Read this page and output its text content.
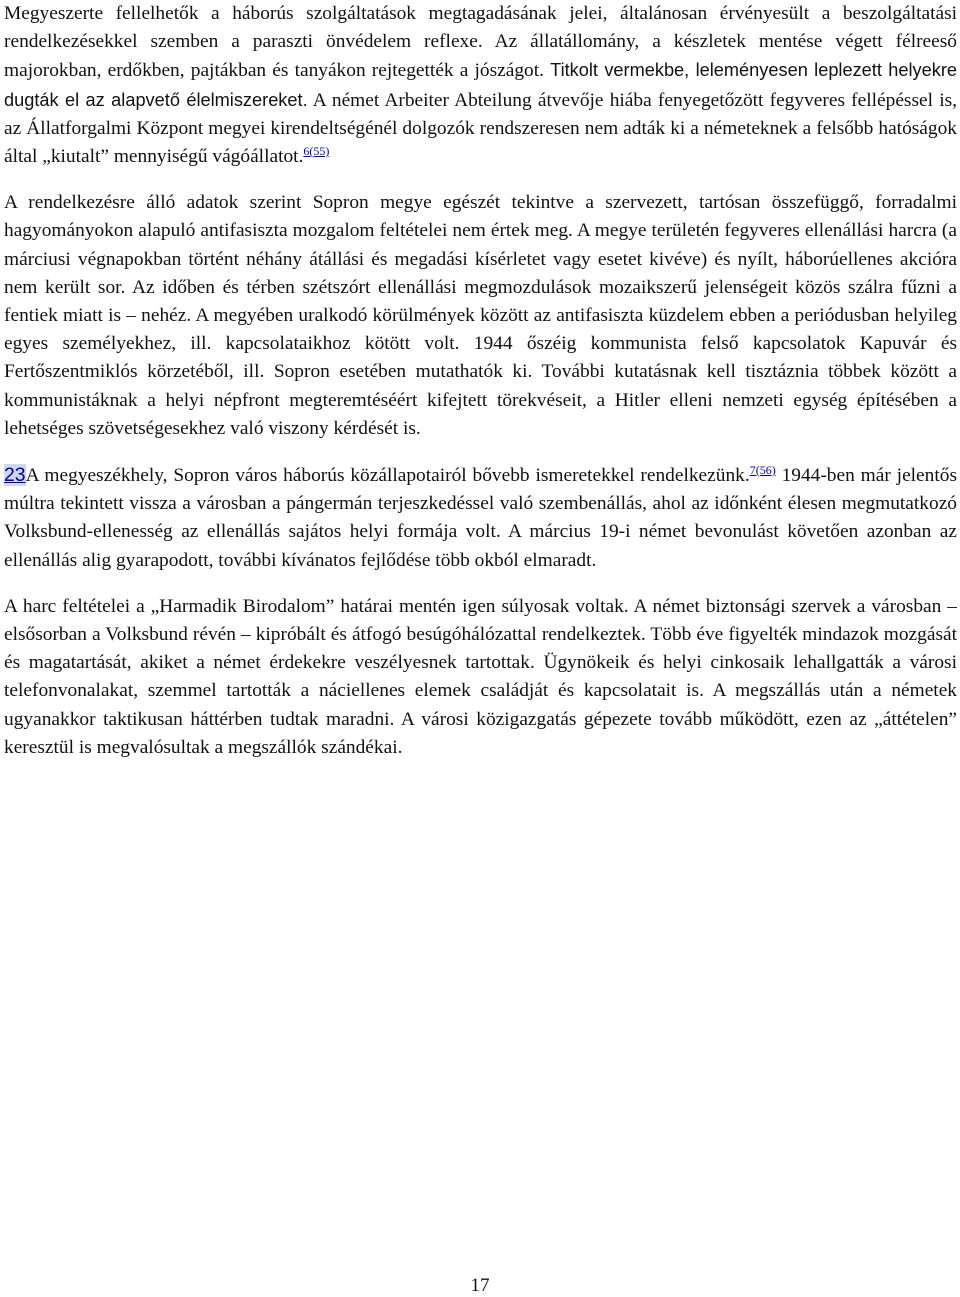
Megyeszerte fellelhetők a háborús szolgáltatások megtagadásának jelei, általánosan érvényesült a beszolgáltatási rendelkezésekkel szemben a paraszti önvédelem reflexe. Az állatállomány, a készletek mentése végett félreeső majorokban, erdőkben, pajtákban és tanyákon rejtegették a jószágot. Titkolt vermekbe, leleményesen leplezett helyekre dugták el az alapvető élelmiszereket. A német Arbeiter Abteilung átvevője hiába fenyegetőzött fegyveres fellépéssel is, az Állatforgalmi Központ megyei kirendeltségénél dolgozók rendszeresen nem adták ki a németeknek a felsőbb hatóságok által „kiutalt” mennyiségű vágóállatot.$^{6(55)}$

A rendelkezésre álló adatok szerint Sopron megye egészét tekintve a szervezett, tartósan összefüggő, forradalmi hagyományokon alapuló antifasiszta mozgalom feltételei nem értek meg. A megye területén fegyveres ellenállási harcra (a márciusi végnapokban történt néhány átállási és megadási kísérletet vagy esetet kivéve) és nyílt, háborúellenes akcióra nem került sor. Az időben és térben szétszórt ellenállási megmozdulások mozaikszerű jelenségeit közös szálra fűzni a fentiek miatt is – nehéz. A megyében uralkodó körülmények között az antifasiszta küzdelem ebben a periódusban helyileg egyes személyekhez, ill. kapcsolataikhoz kötött volt. 1944 őszéig kommunista felső kapcsolatok Kapuvár és Fertőszentmiklós körzetéből, ill. Sopron esetében mutathatók ki. További kutatásnak kell tisztáznia többek között a kommunistáknak a helyi népfront megteremtéséért kifejtett törekvéseit, a Hitler elleni nemzeti egység építésében a lehetséges szövetségesekhez való viszony kérdését is.

23A megyeszékhely, Sopron város háborús közállapotairól bővebb ismeretekkel rendelkezünk.$^{7(56)}$ 1944-ben már jelentős múltra tekintett vissza a városban a pángermán terjeszkedéssel való szembenállás, ahol az időnként élesen megmutatkozó Volksbund-ellenesség az ellenállás sajátos helyi formája volt. A március 19-i német bevonulást követően azonban az ellenállás alig gyarapodott, további kívánatos fejlődése több okból elmaradt.

A harc feltételei a „Harmadik Birodalom” határai mentén igen súlyosak voltak. A német biztonsági szervek a városban – elsősorban a Volksbund révén – kipróbált és átfogó besúgóhálózattal rendelkeztek. Több éve figyelték mindazok mozgását és magatartását, akiket a német érdekekre veszélyesnek tartottak. Ügynökeik és helyi cinkosaik lehallgatták a városi telefonvonalakat, szemmel tartották a náciellenes elemek családját és kapcsolatait is. A megszállás után a németek ugyanakkor taktikusan háttérben tudtak maradni. A városi közigazgatás gépezete tovább működött, ezen az „áttételen” keresztül is megvalósultak a megszállók szándékai.

17
